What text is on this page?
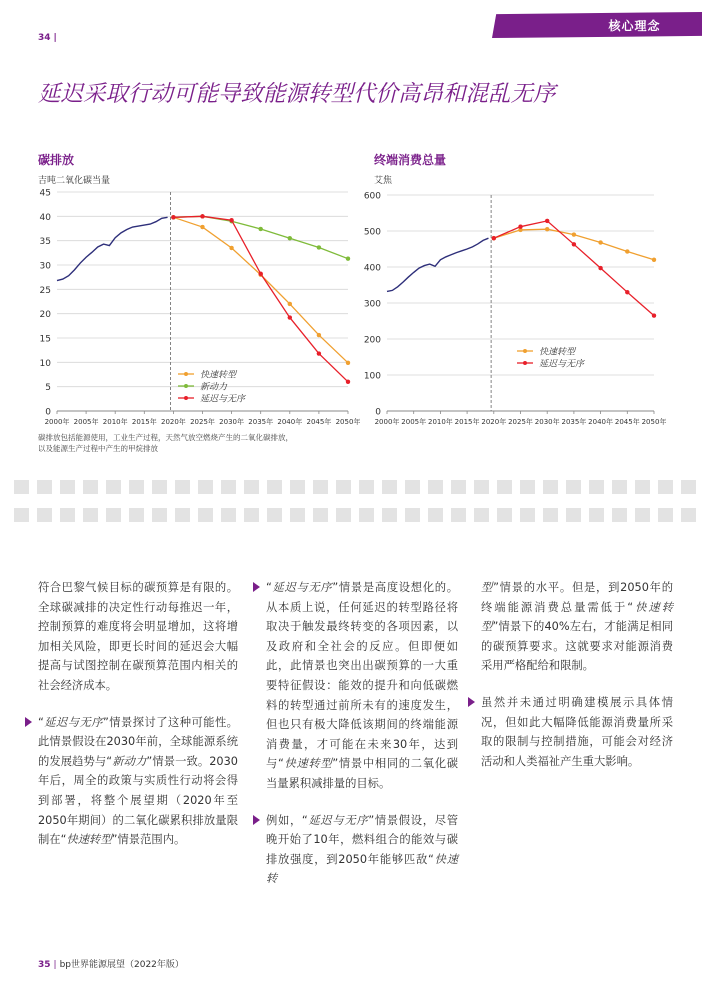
34 |
核心理念
延迟采取行动可能导致能源转型代价高昂和混乱无序
碳排放
吉吨二氧化碳当量
0
5
10
15
20
25
30
35
40
45
2000年 2005年 2010年 2015年 2020年 2025年 2030年 2035年 2040年 2045年 2050年
快速转型
新动力
延迟与无序
终端消费总量
艾焦
0
100
200
300
400
500
600
2000年 2005年 2010年 2015年 2020年 2025年 2030年 2035年 2040年 2045年 2050年
快速转型
延迟与无序
碳排放包括能源使用，工业生产过程，天然气放空燃烧产生的二氧化碳排放，
以及能源生产过程中产生的甲烷排放
符合巴黎气候目标的碳预算是有限的。全球碳减排的决定性行动每推迟一年，控制预算的难度将会明显增加，这将增加相关风险，即更长时间的延迟会大幅提高与试图控制在碳预算范围内相关的社会经济成本。
“延迟与无序”情景探讨了这种可能性。此情景假设在2030年前，全球能源系统的发展趋势与“新动力”情景一致。2030年后，周全的政策与实质性行动将会得到部署，将整个展望期（2020年至2050年期间）的二氧化碳累积排放量限制在“快速转型”情景范围内。
“延迟与无序”情景是高度设想化的。从本质上说，任何延迟的转型路径将取决于触发最终转变的各项因素，以及政府和全社会的反应。但即便如此，此情景也突出出碳预算的一大重要特征假设：能效的提升和向低碳燃料的转型通过前所未有的速度发生，但也只有极大降低该期间的终端能源消费量，才可能在未来30年，达到与“快速转型”情景中相同的二氧化碳当量累积减排量的目标。
例如，“延迟与无序”情景假设，尽管晚开始了10年，燃料组合的能效与碳排放强度，到2050年能够匹敌“快速转
型”情景的水平。但是，到2050年的终端能源消费总量需低于“快速转型”情景下的40%左右，才能满足相同的碳预算要求。这就要求对能源消费采用严格配给和限制。
虽然并未通过明确建模展示具体情况，但如此大幅降低能源消费量所采取的限制与控制措施，可能会对经济活动和人类福祉产生重大影响。
35 | bp世界能源展望（2022年版）
